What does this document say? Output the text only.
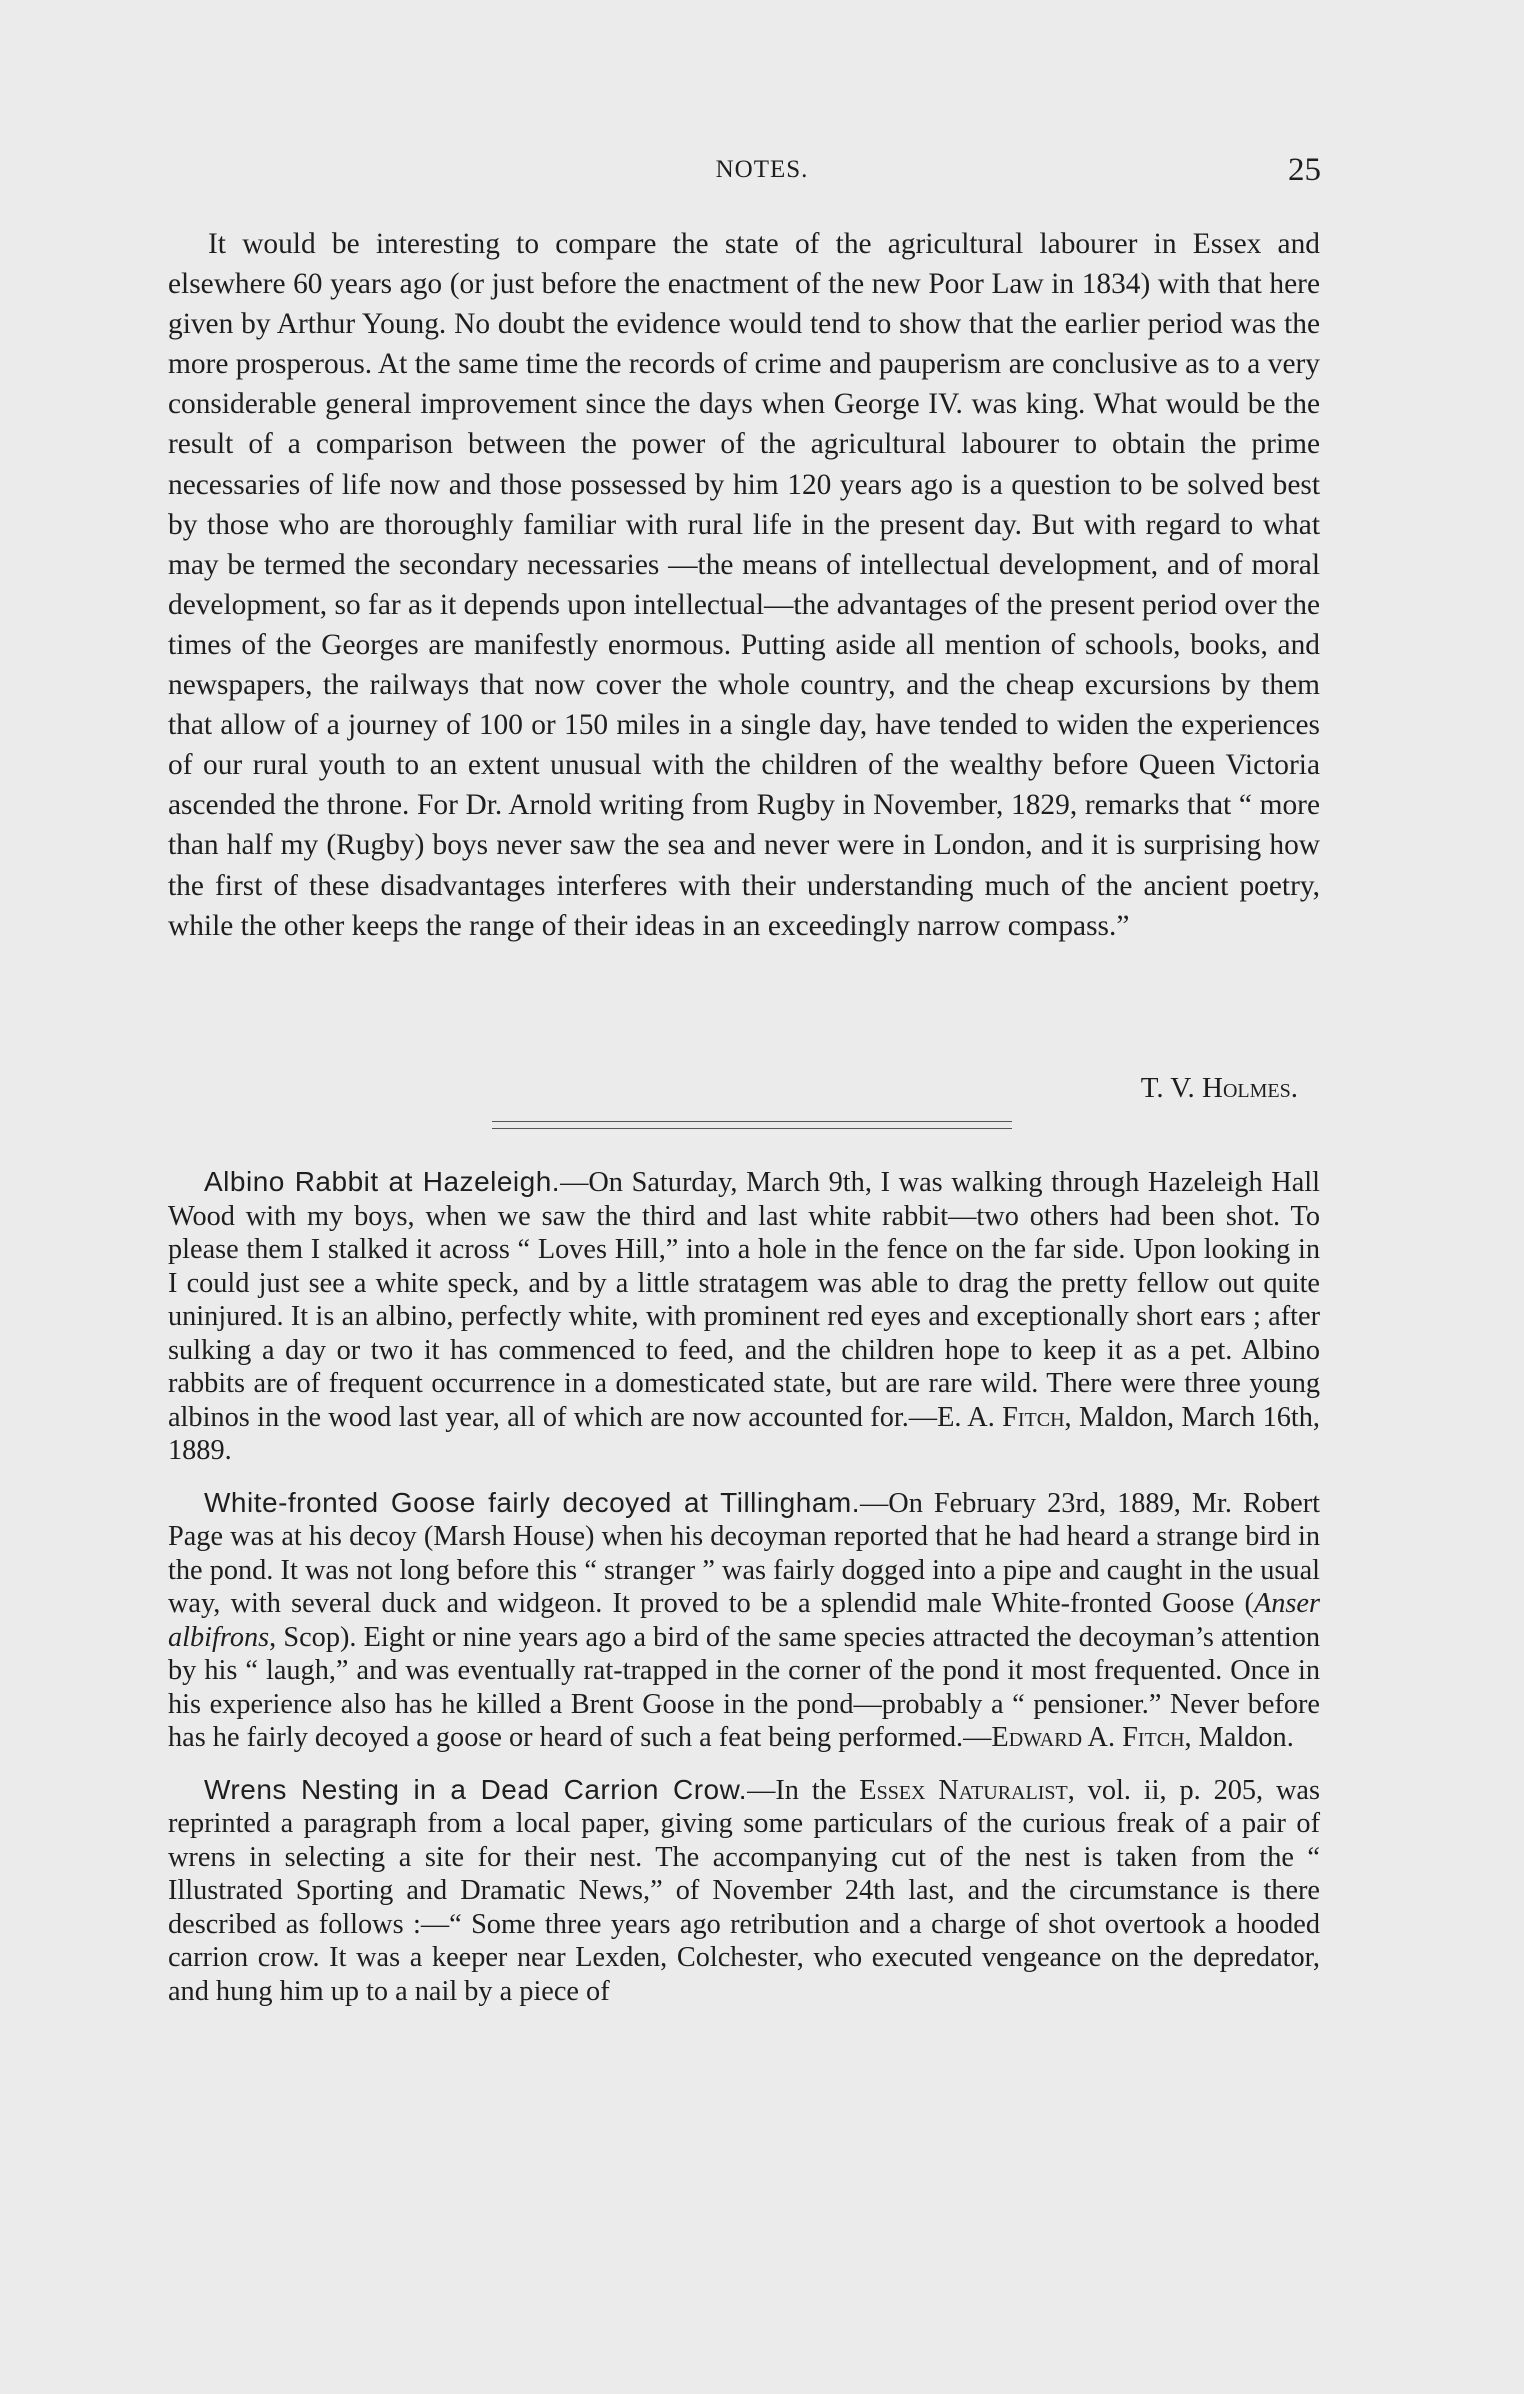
NOTES.	25

It would be interesting to compare the state of the agricultural labourer in Essex and elsewhere 60 years ago (or just before the enactment of the new Poor Law in 1834) with that here given by Arthur Young. No doubt the evidence would tend to show that the earlier period was the more prosperous. At the same time the records of crime and pauperism are conclusive as to a very considerable general improvement since the days when George IV. was king. What would be the result of a comparison between the power of the agricultural labourer to obtain the prime necessaries of life now and those possessed by him 120 years ago is a question to be solved best by those who are thoroughly familiar with rural life in the present day. But with regard to what may be termed the secondary necessaries —the means of intellectual development, and of moral development, so far as it depends upon intellectual—the advantages of the present period over the times of the Georges are manifestly enormous. Putting aside all mention of schools, books, and newspapers, the railways that now cover the whole country, and the cheap excursions by them that allow of a journey of 100 or 150 miles in a single day, have tended to widen the experiences of our rural youth to an extent unusual with the children of the wealthy before Queen Victoria ascended the throne. For Dr. Arnold writing from Rugby in November, 1829, remarks that “ more than half my (Rugby) boys never saw the sea and never were in London, and it is surprising how the first of these disadvantages interferes with their understanding much of the ancient poetry, while the other keeps the range of their ideas in an exceedingly narrow compass.”

T. V. Holmes.

Albino Rabbit at Hazeleigh.—On Saturday, March 9th, I was walking through Hazeleigh Hall Wood with my boys, when we saw the third and last white rabbit—two others had been shot. To please them I stalked it across “ Loves Hill,” into a hole in the fence on the far side. Upon looking in I could just see a white speck, and by a little stratagem was able to drag the pretty fellow out quite uninjured. It is an albino, perfectly white, with prominent red eyes and exceptionally short ears ; after sulking a day or two it has commenced to feed, and the children hope to keep it as a pet. Albino rabbits are of frequent occurrence in a domesticated state, but are rare wild. There were three young albinos in the wood last year, all of which are now accounted for.—E. A. Fitch, Maldon, March 16th, 1889.

White-fronted Goose fairly decoyed at Tillingham.—On February 23rd, 1889, Mr. Robert Page was at his decoy (Marsh House) when his decoyman reported that he had heard a strange bird in the pond. It was not long before this “ stranger ” was fairly dogged into a pipe and caught in the usual way, with several duck and widgeon. It proved to be a splendid male White-fronted Goose (Anser albifrons, Scop). Eight or nine years ago a bird of the same species attracted the decoyman’s attention by his “ laugh,” and was eventually rat-trapped in the corner of the pond it most frequented. Once in his experience also has he killed a Brent Goose in the pond—probably a “ pensioner.” Never before has he fairly decoyed a goose or heard of such a feat being performed.—Edward A. Fitch, Maldon.

Wrens Nesting in a Dead Carrion Crow.—In the Essex Naturalist, vol. ii, p. 205, was reprinted a paragraph from a local paper, giving some particulars of the curious freak of a pair of wrens in selecting a site for their nest. The accompanying cut of the nest is taken from the “ Illustrated Sporting and Dramatic News,” of November 24th last, and the circumstance is there described as follows :—“ Some three years ago retribution and a charge of shot overtook a hooded carrion crow. It was a keeper near Lexden, Colchester, who executed vengeance on the depredator, and hung him up to a nail by a piece of
